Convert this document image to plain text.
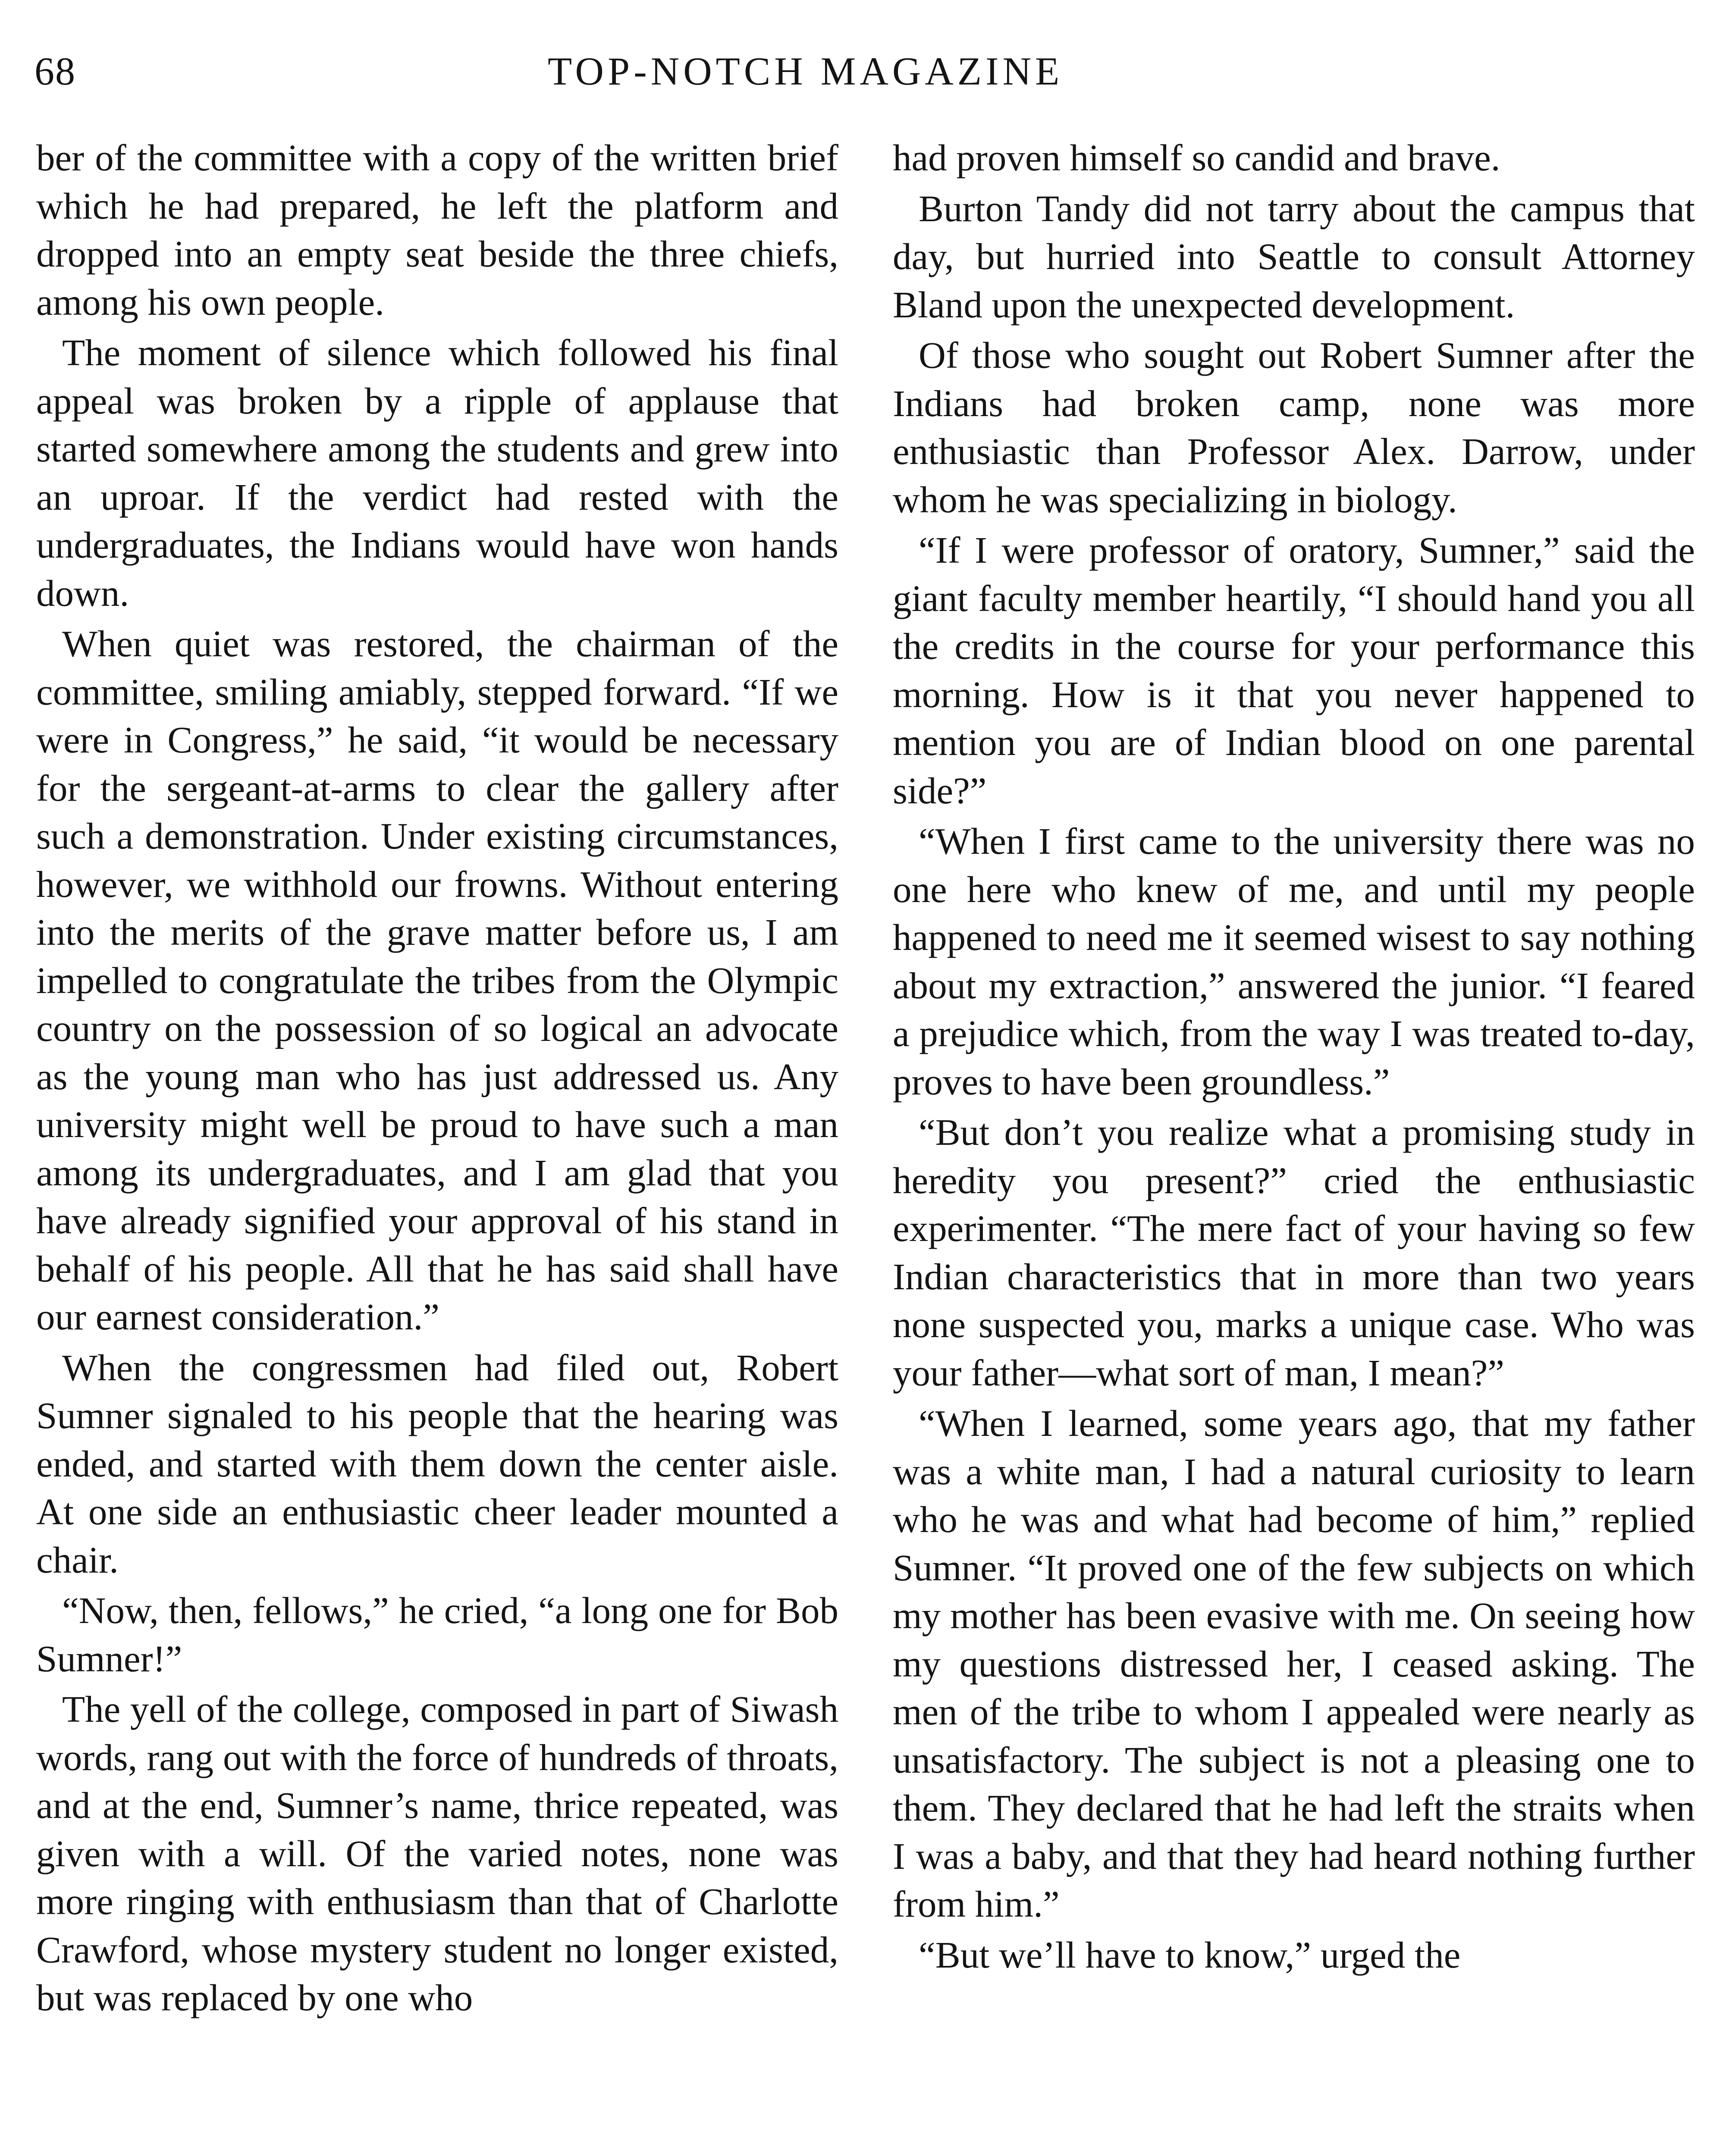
68	TOP-NOTCH MAGAZINE

ber of the committee with a copy of the written brief which he had prepared, he left the platform and dropped into an empty seat beside the three chiefs, among his own people.

The moment of silence which followed his final appeal was broken by a ripple of applause that started somewhere among the students and grew into an uproar. If the verdict had rested with the undergraduates, the Indians would have won hands down.

When quiet was restored, the chairman of the committee, smiling amiably, stepped forward. “If we were in Congress,” he said, “it would be necessary for the sergeant-at-arms to clear the gallery after such a demonstration. Under existing circumstances, however, we withhold our frowns. Without entering into the merits of the grave matter before us, I am impelled to congratulate the tribes from the Olympic country on the possession of so logical an advocate as the young man who has just addressed us. Any university might well be proud to have such a man among its undergraduates, and I am glad that you have already signified your approval of his stand in behalf of his people. All that he has said shall have our earnest consideration.”

When the congressmen had filed out, Robert Sumner signaled to his people that the hearing was ended, and started with them down the center aisle. At one side an enthusiastic cheer leader mounted a chair.

“Now, then, fellows,” he cried, “a long one for Bob Sumner!”

The yell of the college, composed in part of Siwash words, rang out with the force of hundreds of throats, and at the end, Sumner’s name, thrice repeated, was given with a will. Of the varied notes, none was more ringing with enthusiasm than that of Charlotte Crawford, whose mystery student no longer existed, but was replaced by one who

had proven himself so candid and brave.

Burton Tandy did not tarry about the campus that day, but hurried into Seattle to consult Attorney Bland upon the unexpected development.

Of those who sought out Robert Sumner after the Indians had broken camp, none was more enthusiastic than Professor Alex. Darrow, under whom he was specializing in biology.

“If I were professor of oratory, Sumner,” said the giant faculty member heartily, “I should hand you all the credits in the course for your performance this morning. How is it that you never happened to mention you are of Indian blood on one parental side?”

“When I first came to the university there was no one here who knew of me, and until my people happened to need me it seemed wisest to say nothing about my extraction,” answered the junior. “I feared a prejudice which, from the way I was treated to-day, proves to have been groundless.”

“But don’t you realize what a promising study in heredity you present?” cried the enthusiastic experimenter. “The mere fact of your having so few Indian characteristics that in more than two years none suspected you, marks a unique case. Who was your father—what sort of man, I mean?”

“When I learned, some years ago, that my father was a white man, I had a natural curiosity to learn who he was and what had become of him,” replied Sumner. “It proved one of the few subjects on which my mother has been evasive with me. On seeing how my questions distressed her, I ceased asking. The men of the tribe to whom I appealed were nearly as unsatisfactory. The subject is not a pleasing one to them. They declared that he had left the straits when I was a baby, and that they had heard nothing further from him.”

“But we’ll have to know,” urged the
